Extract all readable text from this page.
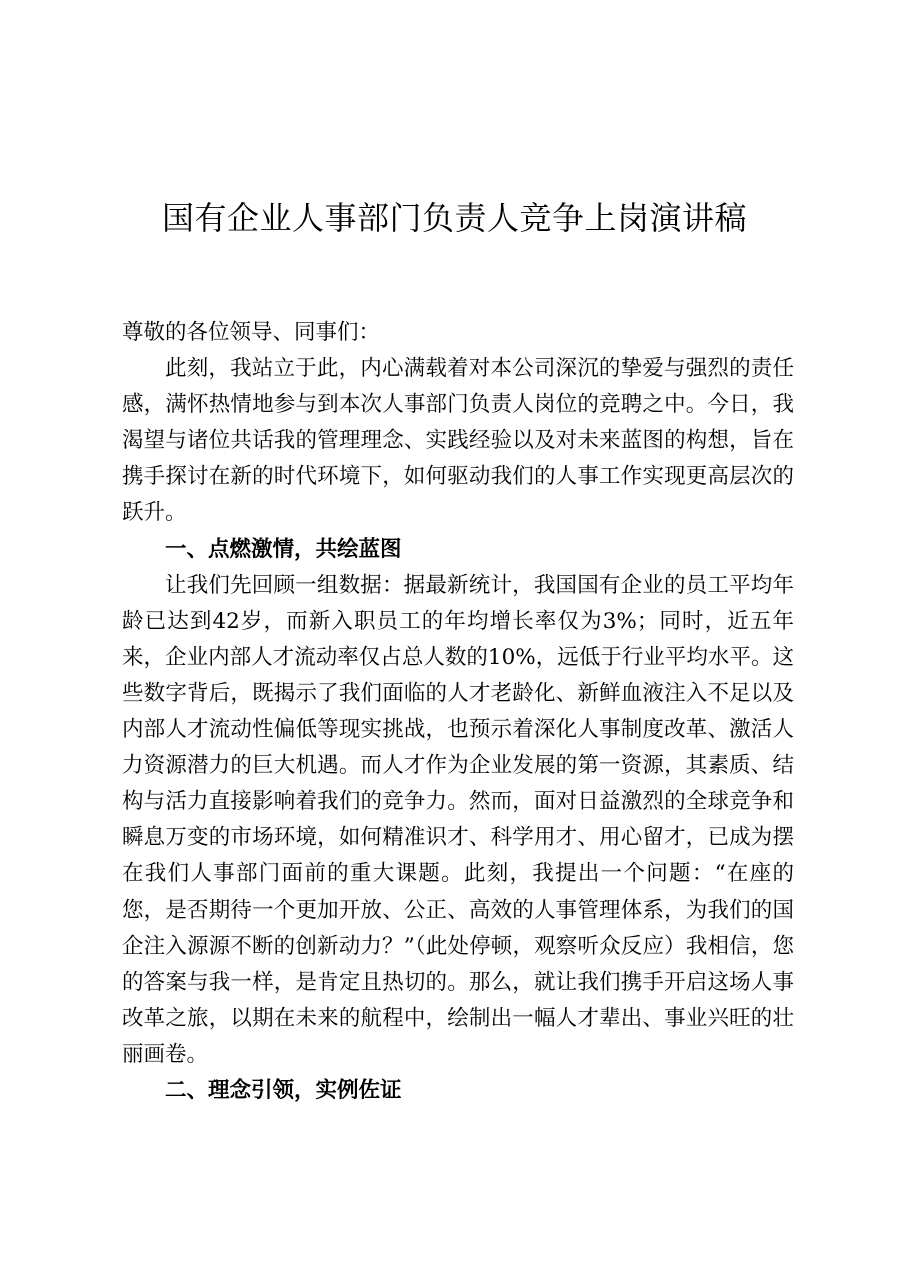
国有企业人事部门负责人竞争上岗演讲稿

尊敬的各位领导、同事们：

此刻，我站立于此，内心满载着对本公司深沉的挚爱与强烈的责任感，满怀热情地参与到本次人事部门负责人岗位的竞聘之中。今日，我渴望与诸位共话我的管理理念、实践经验以及对未来蓝图的构想，旨在携手探讨在新的时代环境下，如何驱动我们的人事工作实现更高层次的跃升。

一、点燃激情，共绘蓝图

让我们先回顾一组数据：据最新统计，我国国有企业的员工平均年龄已达到42岁，而新入职员工的年均增长率仅为3%；同时，近五年来，企业内部人才流动率仅占总人数的10%，远低于行业平均水平。这些数字背后，既揭示了我们面临的人才老龄化、新鲜血液注入不足以及内部人才流动性偏低等现实挑战，也预示着深化人事制度改革、激活人力资源潜力的巨大机遇。而人才作为企业发展的第一资源，其素质、结构与活力直接影响着我们的竞争力。然而，面对日益激烈的全球竞争和瞬息万变的市场环境，如何精准识才、科学用才、用心留才，已成为摆在我们人事部门面前的重大课题。此刻，我提出一个问题：“在座的您，是否期待一个更加开放、公正、高效的人事管理体系，为我们的国企注入源源不断的创新动力？”（此处停顿，观察听众反应）我相信，您的答案与我一样，是肯定且热切的。那么，就让我们携手开启这场人事改革之旅，以期在未来的航程中，绘制出一幅人才辈出、事业兴旺的壮丽画卷。

二、理念引领，实例佐证
